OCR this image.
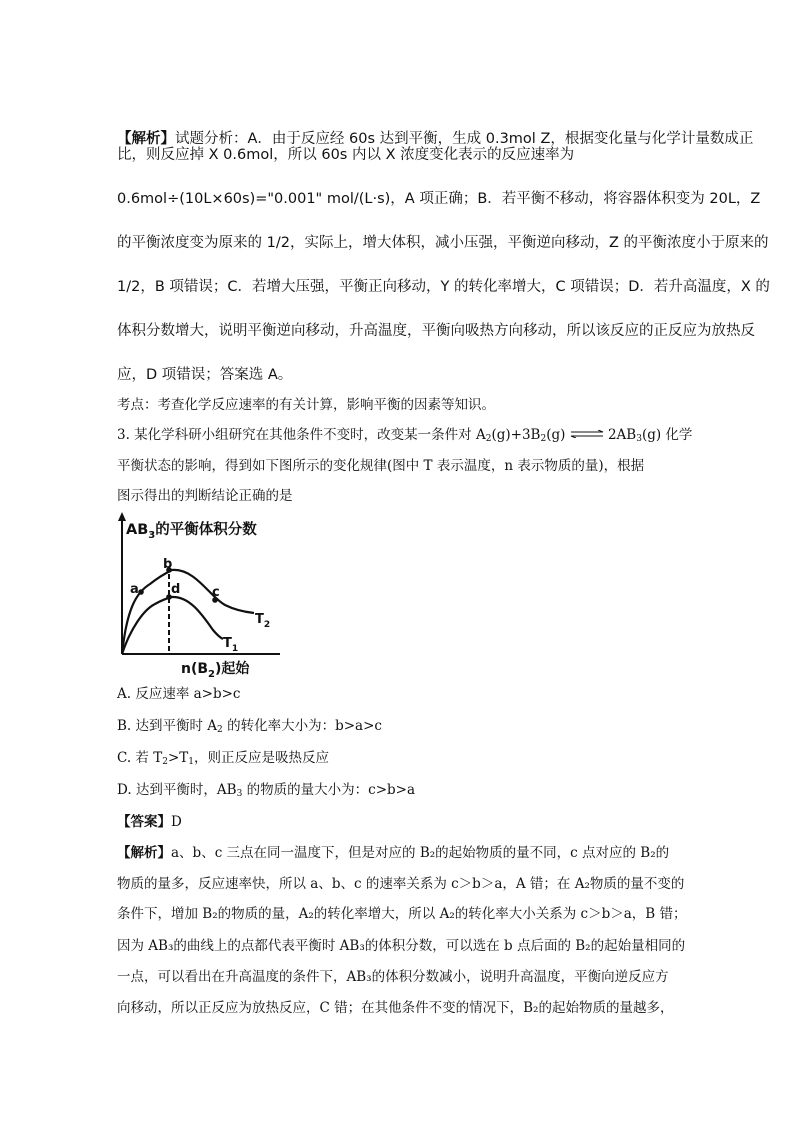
【解析】试题分析：A．由于反应经 60s 达到平衡，生成 0.3mol Z，根据变化量与化学计量数成正
比，则反应掉 X 0.6mol，所以 60s 内以 X 浓度变化表示的反应速率为
0.6mol÷(10L×60s)="0.001" mol/(L·s)，A 项正确；B．若平衡不移动，将容器体积变为 20L，Z
的平衡浓度变为原来的 1/2，实际上，增大体积，减小压强，平衡逆向移动，Z 的平衡浓度小于原来的
1/2，B 项错误；C．若增大压强，平衡正向移动，Y 的转化率增大，C 项错误；D．若升高温度，X 的
体积分数增大，说明平衡逆向移动，升高温度，平衡向吸热方向移动，所以该反应的正反应为放热反
应，D 项错误；答案选 A。
考点：考查化学反应速率的有关计算，影响平衡的因素等知识。
3. 某化学科研小组研究在其他条件不变时，改变某一条件对 $A_2(g)+3B_2(g)$ ⇌ $2AB_3(g)$ 化学
平衡状态的影响，得到如下图所示的变化规律(图中 T 表示温度，n 表示物质的量)，根据
图示得出的判断结论正确的是
a
b
c
d
$T_2$
$T_1$
$AB_3$的平衡体积分数
$n(B_2)$起始
A. 反应速率 a>b>c
B. 达到平衡时 $A_2$ 的转化率大小为：b>a>c
C. 若 $T_2>T_1$，则正反应是吸热反应
D. 达到平衡时，$AB_3$ 的物质的量大小为：c>b>a
【答案】D
【解析】a、b、c 三点在同一温度下，但是对应的 B₂的起始物质的量不同，c 点对应的 B₂的
物质的量多，反应速率快，所以 a、b、c 的速率关系为 c＞b＞a，A 错；在 A₂物质的量不变的
条件下，增加 B₂的物质的量，A₂的转化率增大，所以 A₂的转化率大小关系为 c＞b＞a，B 错；
因为 AB₃的曲线上的点都代表平衡时 AB₃的体积分数，可以选在 b 点后面的 B₂的起始量相同的
一点，可以看出在升高温度的条件下，AB₃的体积分数减小，说明升高温度，平衡向逆反应方
向移动，所以正反应为放热反应，C 错；在其他条件不变的情况下，B₂的起始物质的量越多，
